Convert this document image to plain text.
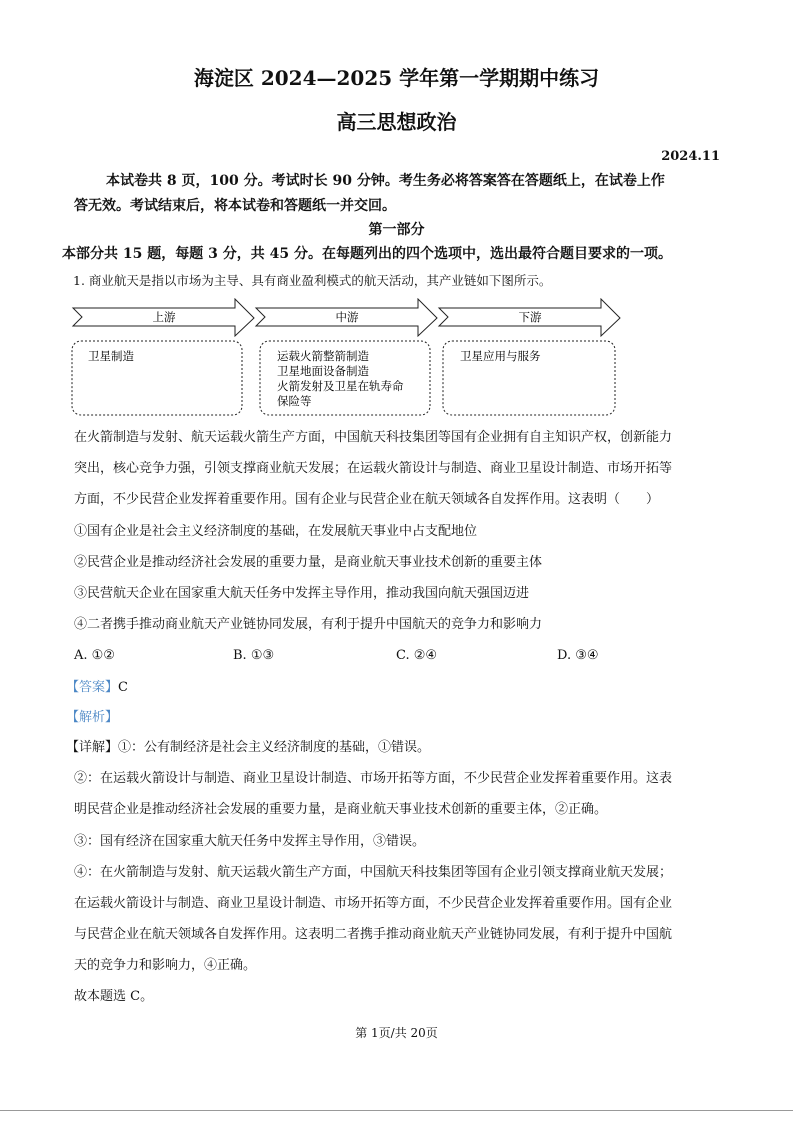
海淀区 2024—2025 学年第一学期期中练习
高三思想政治
2024.11
本试卷共 8 页，100 分。考试时长 90 分钟。考生务必将答案答在答题纸上，在试卷上作
答无效。考试结束后，将本试卷和答题纸一并交回。
第一部分
本部分共 15 题，每题 3 分，共 45 分。在每题列出的四个选项中，选出最符合题目要求的一项。
1. 商业航天是指以市场为主导、具有商业盈利模式的航天活动，其产业链如下图所示。
上游	中游	下游
卫星制造	运载火箭整箭制造
卫星地面设备制造
火箭发射及卫星在轨寿命
保险等
卫星应用与服务
在火箭制造与发射、航天运载火箭生产方面，中国航天科技集团等国有企业拥有自主知识产权，创新能力
突出，核心竞争力强，引领支撑商业航天发展；在运载火箭设计与制造、商业卫星设计制造、市场开拓等
方面，不少民营企业发挥着重要作用。国有企业与民营企业在航天领域各自发挥作用。这表明（　　）
①国有企业是社会主义经济制度的基础，在发展航天事业中占支配地位
②民营企业是推动经济社会发展的重要力量，是商业航天事业技术创新的重要主体
③民营航天企业在国家重大航天任务中发挥主导作用，推动我国向航天强国迈进
④二者携手推动商业航天产业链协同发展，有利于提升中国航天的竞争力和影响力
A. ①②	B. ①③	C. ②④	D. ③④
【答案】C
【解析】
【详解】①：公有制经济是社会主义经济制度的基础，①错误。
②：在运载火箭设计与制造、商业卫星设计制造、市场开拓等方面，不少民营企业发挥着重要作用。这表
明民营企业是推动经济社会发展的重要力量，是商业航天事业技术创新的重要主体，②正确。
③：国有经济在国家重大航天任务中发挥主导作用，③错误。
④：在火箭制造与发射、航天运载火箭生产方面，中国航天科技集团等国有企业引领支撑商业航天发展；
在运载火箭设计与制造、商业卫星设计制造、市场开拓等方面，不少民营企业发挥着重要作用。国有企业
与民营企业在航天领域各自发挥作用。这表明二者携手推动商业航天产业链协同发展，有利于提升中国航
天的竞争力和影响力，④正确。
故本题选 C。
第 1页/共 20页
